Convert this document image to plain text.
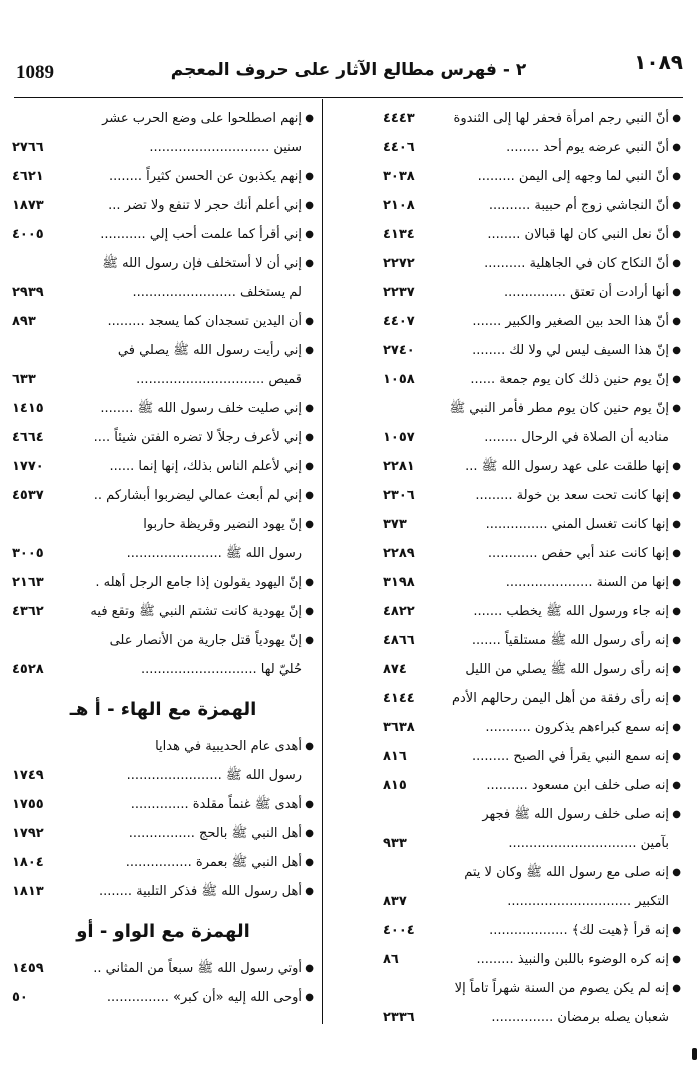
1089	٢ - فهرس مطالع الآثار على حروف المعجم	١٠٨٩
●
أنّ النبي رجم امرأة فحفر لها إلى الثندوة
٤٤٤٣
●
أنّ النبي عرضه يوم أحد ........
٤٤٠٦
●
أنّ النبي لما وجهه إلى اليمن .........
٣٠٣٨
●
أنّ النجاشي زوج أم حبيبة ..........
٢١٠٨
●
أنّ نعل النبي كان لها قبالان ........
٤١٣٤
●
أنّ النكاح كان في الجاهلية ..........
٢٢٧٢
●
أنها أرادت أن تعتق ...............
٢٢٣٧
●
أنّ هذا الحد بين الصغير والكبير .......
٤٤٠٧
●
إنّ هذا السيف ليس لي ولا لك ........
٢٧٤٠
●
إنّ يوم حنين ذلك كان يوم جمعة ......
١٠٥٨
●
إنّ يوم حنين كان يوم مطر فأمر النبي ﷺ
مناديه أن الصلاة في الرحال ........
١٠٥٧
●
إنها طلقت على عهد رسول الله ﷺ ...
٢٢٨١
●
إنها كانت تحت سعد بن خولة .........
٢٣٠٦
●
إنها كانت تغسل المني ...............
٣٧٣
●
إنها كانت عند أبي حفص ............
٢٢٨٩
●
إنها من السنة .....................
٣١٩٨
●
إنه جاء ورسول الله ﷺ يخطب .......
٤٨٢٢
●
إنه رأى رسول الله ﷺ مستلقياً .......
٤٨٦٦
●
إنه رأى رسول الله ﷺ يصلي من الليل
٨٧٤
●
إنه رأى رفقة من أهل اليمن رحالهم الأدم
٤١٤٤
●
إنه سمع كبراءهم يذكرون ...........
٣٦٣٨
●
إنه سمع النبي يقرأ في الصبح .........
٨١٦
●
إنه صلى خلف ابن مسعود ..........
٨١٥
●
إنه صلى خلف رسول الله ﷺ فجهر
بآمين ...............................
٩٣٣
●
إنه صلى مع رسول الله ﷺ وكان لا يتم
التكبير ..............................
٨٣٧
●
إنه قرأ ﴿هيت لك﴾ ...................
٤٠٠٤
●
إنه كره الوضوء باللبن والنبيذ .........
٨٦
●
إنه لم يكن يصوم من السنة شهراً تاماً إلا
شعبان يصله برمضان ...............
٢٣٣٦
●
إنهم اصطلحوا على وضع الحرب عشر
سنين .............................
٢٧٦٦
●
إنهم يكذبون عن الحسن كثيراً ........
٤٦٢١
●
إني أعلم أنك حجر لا تنفع ولا تضر ...
١٨٧٣
●
إني أقرأ كما علمت أحب إلي ...........
٤٠٠٥
●
إني أن لا أستخلف فإن رسول الله ﷺ
لم يستخلف .........................
٢٩٣٩
●
أن اليدين تسجدان كما يسجد .........
٨٩٣
●
إني رأيت رسول الله ﷺ يصلي في
قميص ...............................
٦٣٣
●
إني صليت خلف رسول الله ﷺ ........
١٤١٥
●
إني لأعرف رجلاً لا تضره الفتن شيئاً ....
٤٦٦٤
●
إني لأعلم الناس بذلك، إنها إنما ......
١٧٧٠
●
إني لم أبعث عمالي ليضربوا أبشاركم ..
٤٥٣٧
●
إنّ يهود النضير وقريظة حاربوا
رسول الله ﷺ .......................
٣٠٠٥
●
إنّ اليهود يقولون إذا جامع الرجل أهله .
٢١٦٣
●
إنّ يهودية كانت تشتم النبي ﷺ وتقع فيه
٤٣٦٢
●
إنّ يهودياً قتل جارية من الأنصار على
حُليّ لها ............................
٤٥٢٨
الهمزة مع الهاء - أ هـ
●
أهدى عام الحديبية في هدايا
رسول الله ﷺ .......................
١٧٤٩
●
أهدى ﷺ غنماً مقلدة ..............
١٧٥٥
●
أهل النبي ﷺ بالحج ................
١٧٩٢
●
أهل النبي ﷺ بعمرة ................
١٨٠٤
●
أهل رسول الله ﷺ فذكر التلبية ........
١٨١٣
الهمزة مع الواو - أو
●
أوتي رسول الله ﷺ سبعاً من المثاني ..
١٤٥٩
●
أوحى الله إليه «أن كبر» ...............
٥٠
